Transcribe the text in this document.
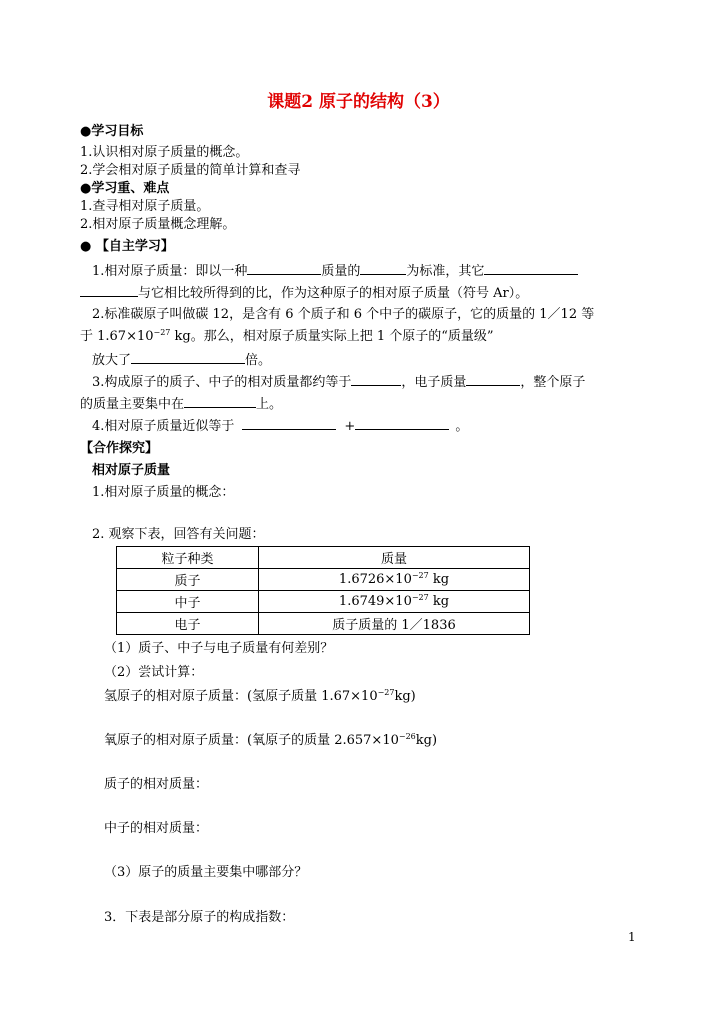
课题2 原子的结构（3）
●学习目标
1.认识相对原子质量的概念。
2.学会相对原子质量的简单计算和查寻
●学习重、难点
1.查寻相对原子质量。
2.相对原子质量概念理解。
● 【自主学习】
1.相对原子质量：即以一种	质量的	为标准，其它
与它相比较所得到的比，作为这种原子的相对原子质量（符号 Ar）。
2.标准碳原子叫做碳 12，是含有 6 个质子和 6 个中子的碳原子，它的质量的 1／12 等
于 $1.67\times 10^{-27}$ kg。那么，相对原子质量实际上把 1 个原子的“质量级”
放大了	倍。
3.构成原子的质子、中子的相对质量都约等于	，电子质量	，整个原子
的质量主要集中在	上。
4.相对原子质量近似等于	+	。
【合作探究】
相对原子质量
1.相对原子质量的概念：
2. 观察下表，回答有关问题：
粒子种类	质量
质子	$1.6726\times 10^{-27}$ kg
中子	$1.6749\times 10^{-27}$ kg
电子	质子质量的 1／1836
（1）质子、中子与电子质量有何差别？
（2）尝试计算：
氢原子的相对原子质量：(氢原子质量 $1.67\times 10^{-27}kg$)
氧原子的相对原子质量：(氧原子的质量 $2.657\times 10^{-26}kg$)
质子的相对质量：
中子的相对质量：
（3）原子的质量主要集中哪部分？
3．下表是部分原子的构成指数：
1
